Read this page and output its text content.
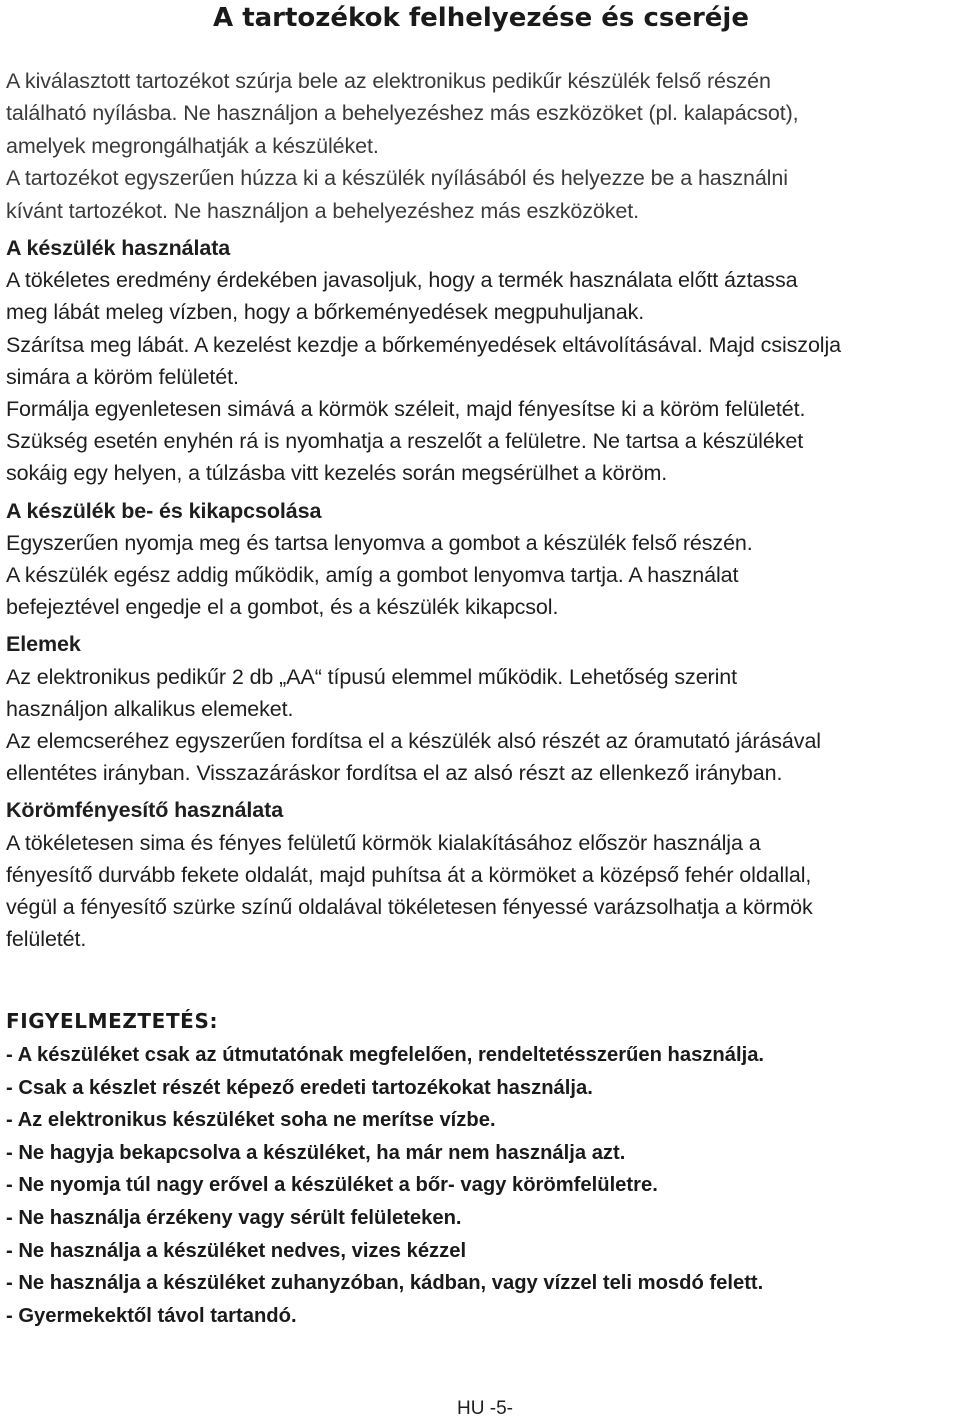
A tartozékok felhelyezése és cseréje
A kiválasztott tartozékot szúrja bele az elektronikus pedikűr készülék felső részén
található nyílásba. Ne használjon a behelyezéshez más eszközöket (pl. kalapácsot),
amelyek megrongálhatják a készüléket.
A tartozékot egyszerűen húzza ki a készülék nyílásából és helyezze be a használni
kívánt tartozékot. Ne használjon a behelyezéshez más eszközöket.
A készülék használata
A tökéletes eredmény érdekében javasoljuk, hogy a termék használata előtt áztassa
meg lábát meleg vízben, hogy a bőrkeményedések megpuhuljanak.
Szárítsa meg lábát. A kezelést kezdje a bőrkeményedések eltávolításával. Majd csiszolja
simára a köröm felületét.
Formálja egyenletesen simává a körmök széleit, majd fényesítse ki a köröm felületét.
Szükség esetén enyhén rá is nyomhatja a reszelőt a felületre. Ne tartsa a készüléket
sokáig egy helyen, a túlzásba vitt kezelés során megsérülhet a köröm.
A készülék be- és kikapcsolása
Egyszerűen nyomja meg és tartsa lenyomva a gombot a készülék felső részén.
A készülék egész addig működik, amíg a gombot lenyomva tartja. A használat
befejeztével engedje el a gombot, és a készülék kikapcsol.
Elemek
Az elektronikus pedikűr 2 db „AA“ típusú elemmel működik. Lehetőség szerint
használjon alkalikus elemeket.
Az elemcseréhez egyszerűen fordítsa el a készülék alsó részét az óramutató járásával
ellentétes irányban. Visszazáráskor fordítsa el az alsó részt az ellenkező irányban.
Körömfényesítő használata
A tökéletesen sima és fényes felületű körmök kialakításához először használja a
fényesítő durvább fekete oldalát, majd puhítsa át a körmöket a középső fehér oldallal,
végül a fényesítő szürke színű oldalával tökéletesen fényessé varázsolhatja a körmök
felületét.
FIGYELMEZTETÉS:
- A készüléket csak az útmutatónak megfelelően, rendeltetésszerűen használja.
- Csak a készlet részét képező eredeti tartozékokat használja.
- Az elektronikus készüléket soha ne merítse vízbe.
- Ne hagyja bekapcsolva a készüléket, ha már nem használja azt.
- Ne nyomja túl nagy erővel a készüléket a bőr- vagy körömfelületre.
- Ne használja érzékeny vagy sérült felületeken.
- Ne használja a készüléket nedves, vizes kézzel
- Ne használja a készüléket zuhanyzóban, kádban, vagy vízzel teli mosdó felett.
- Gyermekektől távol tartandó.
HU -5-
